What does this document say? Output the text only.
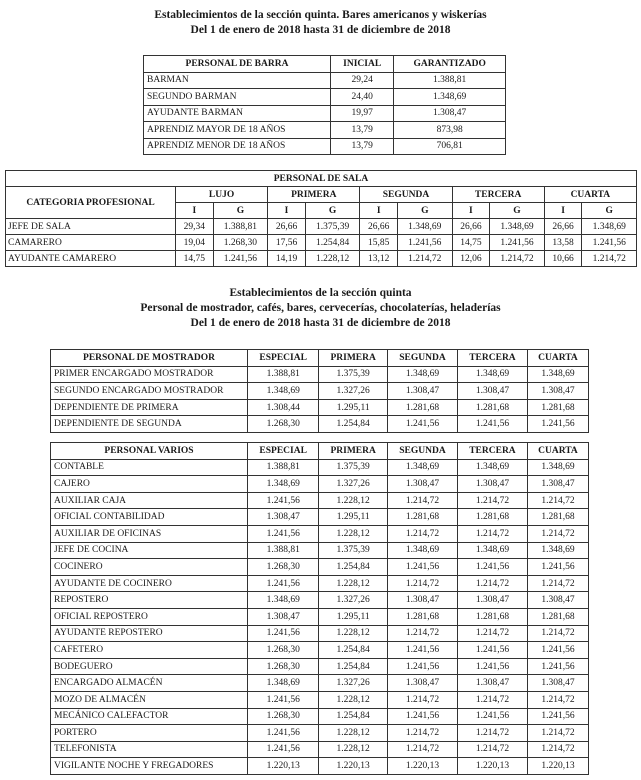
Establecimientos de la sección quinta. Bares americanos y wiskerías
Del 1 de enero de 2018 hasta 31 de diciembre de 2018
PERSONAL DE BARRA	INICIAL	GARANTIZADO
BARMAN	29,24	1.388,81
SEGUNDO BARMAN	24,40	1.348,69
AYUDANTE BARMAN	19,97	1.308,47
APRENDIZ MAYOR DE 18 AÑOS	13,79	873,98
APRENDIZ MENOR DE 18 AÑOS	13,79	706,81
PERSONAL DE SALA										
CATEGORIA PROFESIONAL	LUJO		PRIMERA		SEGUNDA		TERCERA		CUARTA	
	I	G	I	G	I	G	I	G	I	G
JEFE DE SALA	29,34	1.388,81	26,66	1.375,39	26,66	1.348,69	26,66	1.348,69	26,66	1.348,69
CAMARERO	19,04	1.268,30	17,56	1.254,84	15,85	1.241,56	14,75	1.241,56	13,58	1.241,56
AYUDANTE CAMARERO	14,75	1.241,56	14,19	1.228,12	13,12	1.214,72	12,06	1.214,72	10,66	1.214,72
Establecimientos de la sección quinta
Personal de mostrador, cafés, bares, cervecerías, chocolaterías, heladerías
Del 1 de enero de 2018 hasta 31 de diciembre de 2018
PERSONAL DE MOSTRADOR	ESPECIAL	PRIMERA	SEGUNDA	TERCERA	CUARTA
PRIMER ENCARGADO MOSTRADOR	1.388,81	1.375,39	1.348,69	1.348,69	1.348,69
SEGUNDO ENCARGADO MOSTRADOR	1.348,69	1.327,26	1.308,47	1.308,47	1.308,47
DEPENDIENTE DE PRIMERA	1.308,44	1.295,11	1.281,68	1.281,68	1.281,68
DEPENDIENTE DE SEGUNDA	1.268,30	1.254,84	1.241,56	1.241,56	1.241,56
PERSONAL VARIOS	ESPECIAL	PRIMERA	SEGUNDA	TERCERA	CUARTA
CONTABLE	1.388,81	1.375,39	1.348,69	1.348,69	1.348,69
CAJERO	1.348,69	1.327,26	1.308,47	1.308,47	1.308,47
AUXILIAR CAJA	1.241,56	1.228,12	1.214,72	1.214,72	1.214,72
OFICIAL CONTABILIDAD	1.308,47	1.295,11	1.281,68	1.281,68	1.281,68
AUXILIAR DE OFICINAS	1.241,56	1.228,12	1.214,72	1.214,72	1.214,72
JEFE DE COCINA	1.388,81	1.375,39	1.348,69	1.348,69	1.348,69
COCINERO	1.268,30	1.254,84	1.241,56	1.241,56	1.241,56
AYUDANTE DE COCINERO	1.241,56	1.228,12	1.214,72	1.214,72	1.214,72
REPOSTERO	1.348,69	1.327,26	1.308,47	1.308,47	1.308,47
OFICIAL REPOSTERO	1.308,47	1.295,11	1.281,68	1.281,68	1.281,68
AYUDANTE REPOSTERO	1.241,56	1.228,12	1.214,72	1.214,72	1.214,72
CAFETERO	1.268,30	1.254,84	1.241,56	1.241,56	1.241,56
BODEGUERO	1.268,30	1.254,84	1.241,56	1.241,56	1.241,56
ENCARGADO ALMACÉN	1.348,69	1.327,26	1.308,47	1.308,47	1.308,47
MOZO DE ALMACÉN	1.241,56	1.228,12	1.214,72	1.214,72	1.214,72
MECÁNICO CALEFACTOR	1.268,30	1.254,84	1.241,56	1.241,56	1.241,56
PORTERO	1.241,56	1.228,12	1.214,72	1.214,72	1.214,72
TELEFONISTA	1.241,56	1.228,12	1.214,72	1.214,72	1.214,72
VIGILANTE NOCHE Y FREGADORES	1.220,13	1.220,13	1.220,13	1.220,13	1.220,13
